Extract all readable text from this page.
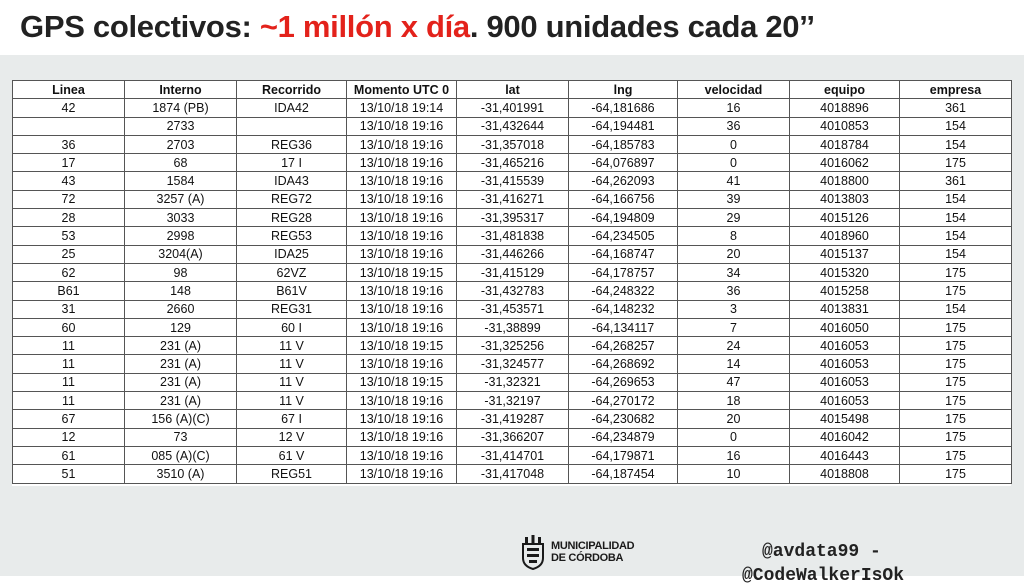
GPS colectivos: ~1 millón x día. 900 unidades cada 20’’
Linea	Interno	Recorrido	Momento UTC 0	lat	lng	velocidad	equipo	empresa
42	1874 (PB)	IDA42	13/10/18 19:14	-31,401991	-64,181686	16	4018896	361
	2733		13/10/18 19:16	-31,432644	-64,194481	36	4010853	154
36	2703	REG36	13/10/18 19:16	-31,357018	-64,185783	0	4018784	154
17	68	17 I	13/10/18 19:16	-31,465216	-64,076897	0	4016062	175
43	1584	IDA43	13/10/18 19:16	-31,415539	-64,262093	41	4018800	361
72	3257 (A)	REG72	13/10/18 19:16	-31,416271	-64,166756	39	4013803	154
28	3033	REG28	13/10/18 19:16	-31,395317	-64,194809	29	4015126	154
53	2998	REG53	13/10/18 19:16	-31,481838	-64,234505	8	4018960	154
25	3204(A)	IDA25	13/10/18 19:16	-31,446266	-64,168747	20	4015137	154
62	98	62VZ	13/10/18 19:15	-31,415129	-64,178757	34	4015320	175
B61	148	B61V	13/10/18 19:16	-31,432783	-64,248322	36	4015258	175
31	2660	REG31	13/10/18 19:16	-31,453571	-64,148232	3	4013831	154
60	129	60 I	13/10/18 19:16	-31,38899	-64,134117	7	4016050	175
11	231 (A)	11 V	13/10/18 19:15	-31,325256	-64,268257	24	4016053	175
11	231 (A)	11 V	13/10/18 19:16	-31,324577	-64,268692	14	4016053	175
11	231 (A)	11 V	13/10/18 19:15	-31,32321	-64,269653	47	4016053	175
11	231 (A)	11 V	13/10/18 19:16	-31,32197	-64,270172	18	4016053	175
67	156 (A)(C)	67 I	13/10/18 19:16	-31,419287	-64,230682	20	4015498	175
12	73	12 V	13/10/18 19:16	-31,366207	-64,234879	0	4016042	175
61	085 (A)(C)	61 V	13/10/18 19:16	-31,414701	-64,179871	16	4016443	175
51	3510 (A)	REG51	13/10/18 19:16	-31,417048	-64,187454	10	4018808	175
MUNICIPALIDAD
DE CÓRDOBA	@avdata99 -
@CodeWalkerIsOk
